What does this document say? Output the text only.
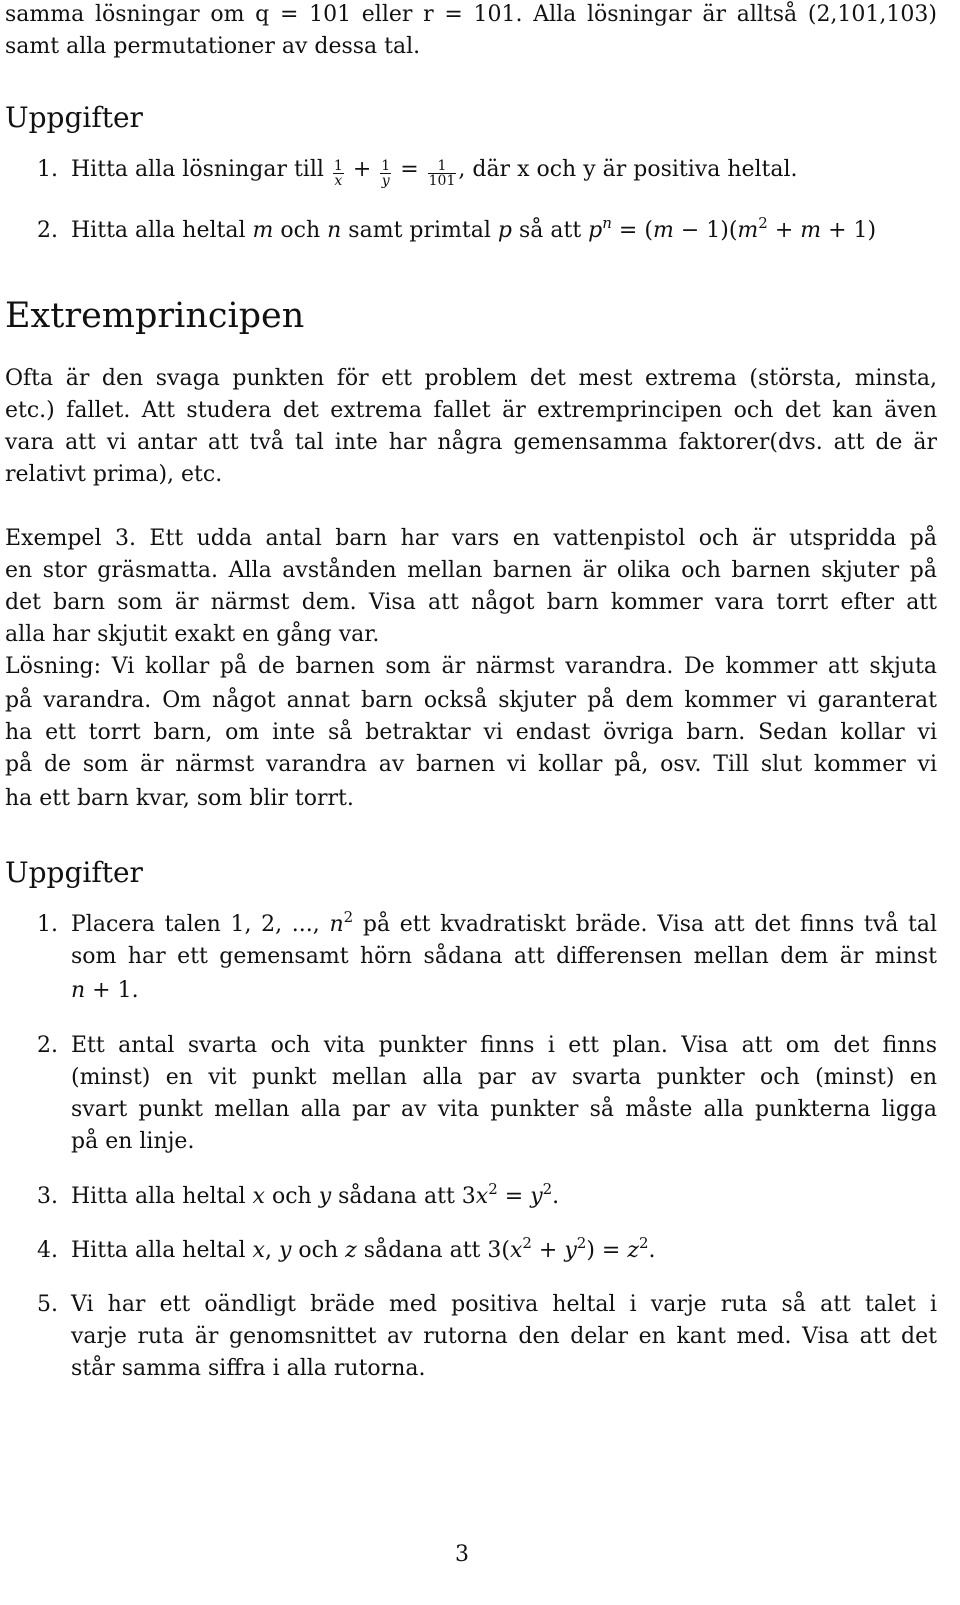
samma lösningar om q = 101 eller r = 101. Alla lösningar är alltså (2,101,103)
samt alla permutationer av dessa tal.
Uppgifter
1. Hitta alla lösningar till $\frac{1}{x} + \frac{1}{y} = \frac{1}{101}$ , där x och y är positiva heltal.
2. Hitta alla heltal m och n samt primtal p så att $p^n = (m - 1)(m^2 + m + 1)$
Extremprincipen
Ofta är den svaga punkten för ett problem det mest extrema (största, minsta,
etc.) fallet. Att studera det extrema fallet är extremprincipen och det kan även
vara att vi antar att två tal inte har några gemensamma faktorer(dvs. att de är
relativt prima), etc.
Exempel 3. Ett udda antal barn har vars en vattenpistol och är utspridda på
en stor gräsmatta. Alla avstånden mellan barnen är olika och barnen skjuter på
det barn som är närmst dem. Visa att något barn kommer vara torrt efter att
alla har skjutit exakt en gång var.
Lösning: Vi kollar på de barnen som är närmst varandra. De kommer att skjuta
på varandra. Om något annat barn också skjuter på dem kommer vi garanterat
ha ett torrt barn, om inte så betraktar vi endast övriga barn. Sedan kollar vi
på de som är närmst varandra av barnen vi kollar på, osv. Till slut kommer vi
ha ett barn kvar, som blir torrt.
Uppgifter
1. Placera talen 1, 2, ..., $n^2$ på ett kvadratiskt bräde. Visa att det finns två tal
som har ett gemensamt hörn sådana att differensen mellan dem är minst
n + 1.
2. Ett antal svarta och vita punkter finns i ett plan. Visa att om det finns
(minst) en vit punkt mellan alla par av svarta punkter och (minst) en
svart punkt mellan alla par av vita punkter så måste alla punkterna ligga
på en linje.
3. Hitta alla heltal x och y sådana att $3x^2 = y^2$.
4. Hitta alla heltal x, y och z sådana att $3(x^2 + y^2) = z^2$.
5. Vi har ett oändligt bräde med positiva heltal i varje ruta så att talet i
varje ruta är genomsnittet av rutorna den delar en kant med. Visa att det
står samma siffra i alla rutorna.
3
